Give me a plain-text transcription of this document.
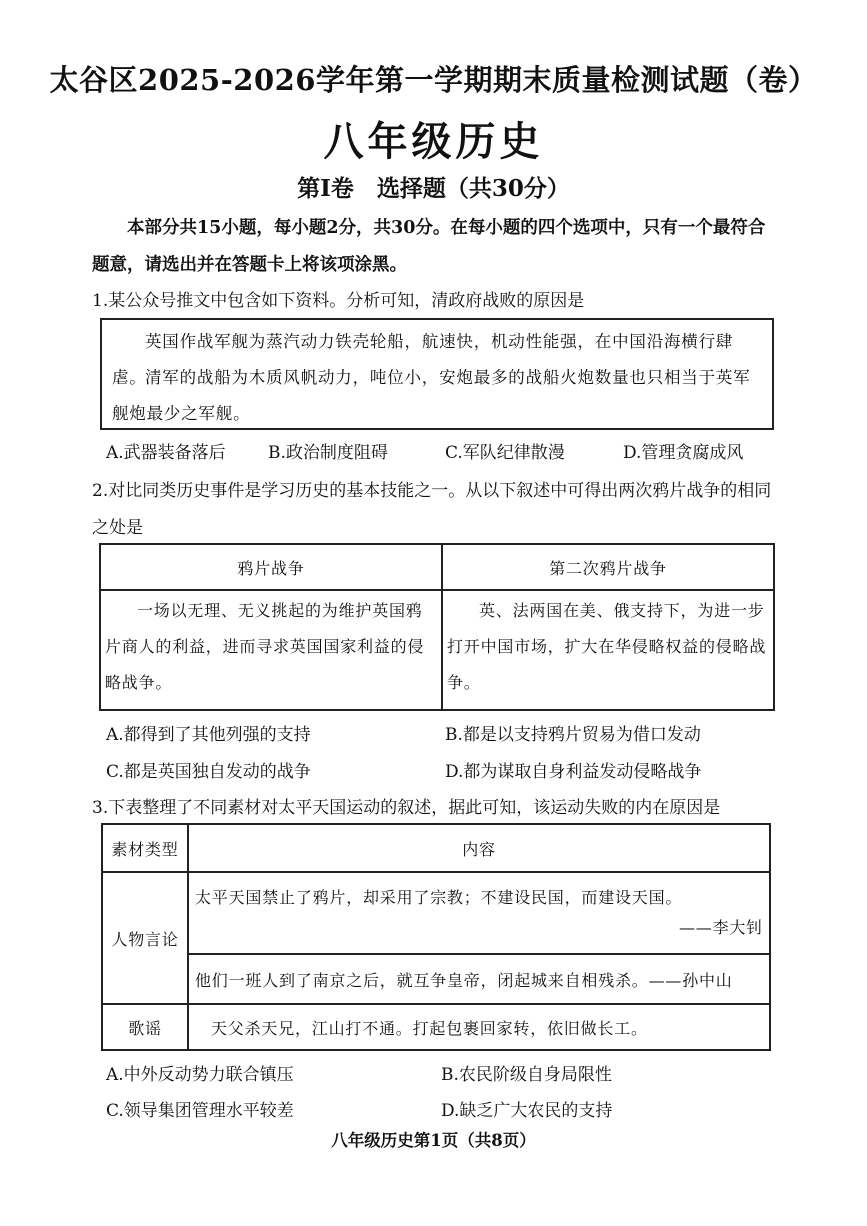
太谷区2025-2026学年第一学期期末质量检测试题（卷）
八年级历史
第Ⅰ卷　选择题（共30分）
本部分共15小题，每小题2分，共30分。在每小题的四个选项中，只有一个最符合题意，请选出并在答题卡上将该项涂黑。
1.某公众号推文中包含如下资料。分析可知，清政府战败的原因是
英国作战军舰为蒸汽动力铁壳轮船，航速快，机动性能强，在中国沿海横行肆虐。
清军的战船为木质风帆动力，吨位小，安炮最多的战船火炮数量也只相当于英军舰炮最少之军舰。
A.武器装备落后 B.政治制度阻碍	C.军队纪律散漫	D.管理贪腐成风
2.对比同类历史事件是学习历史的基本技能之一。从以下叙述中可得出两次鸦片战争的相同之处是
鸦片战争	第二次鸦片战争
一场以无理、无义挑起的为维护英国鸦片商人的利益，进而寻求英国国家利益的侵略战争。	英、法两国在美、俄支持下，为进一步打开中国市场，扩大在华侵略权益的侵略战争。
A.都得到了其他列强的支持	B.都是以支持鸦片贸易为借口发动
C.都是英国独自发动的战争	D.都为谋取自身利益发动侵略战争
3.下表整理了不同素材对太平天国运动的叙述，据此可知，该运动失败的内在原因是
素材类型	内容
人物言论	太平天国禁止了鸦片，却采用了宗教；不建设民国，而建设天国。
——李大钊

	他们一班人到了南京之后，就互争皇帝，闭起城来自相残杀。——孙中山
歌谣	天父杀天兄，江山打不通。打起包裹回家转，依旧做长工。
A.中外反动势力联合镇压	B.农民阶级自身局限性
C.领导集团管理水平较差	D.缺乏广大农民的支持
八年级历史第1页（共8页）
